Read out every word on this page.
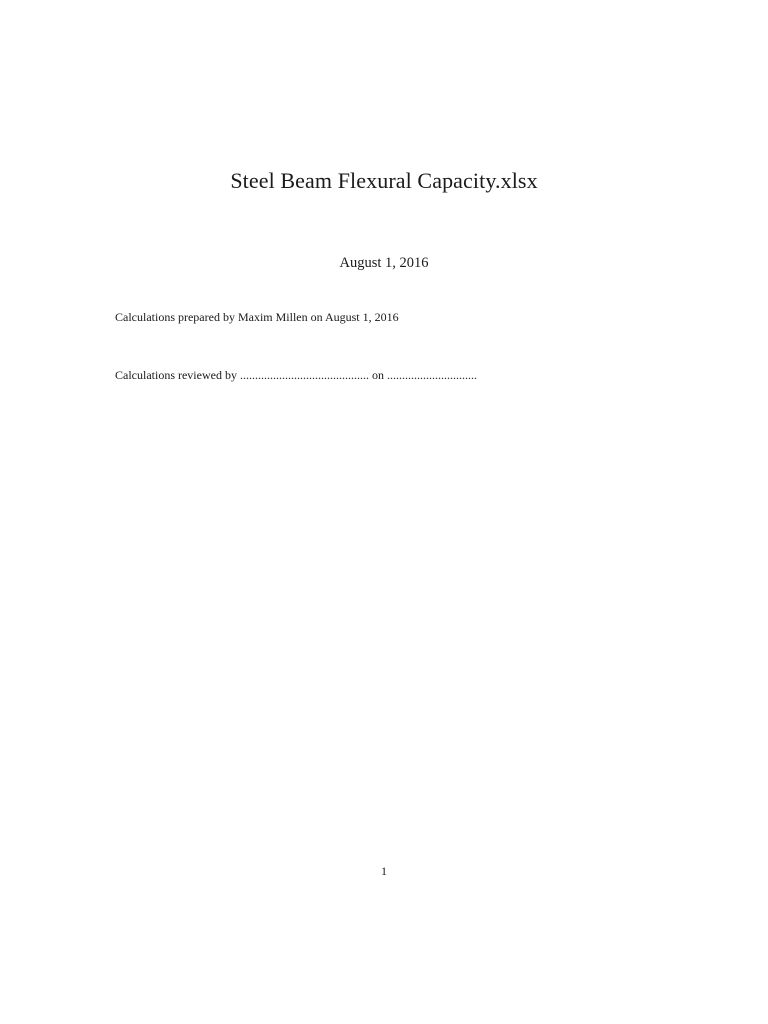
Steel Beam Flexural Capacity.xlsx
August 1, 2016
Calculations prepared by Maxim Millen on August 1, 2016
Calculations reviewed by ........................................... on ..............................
1
